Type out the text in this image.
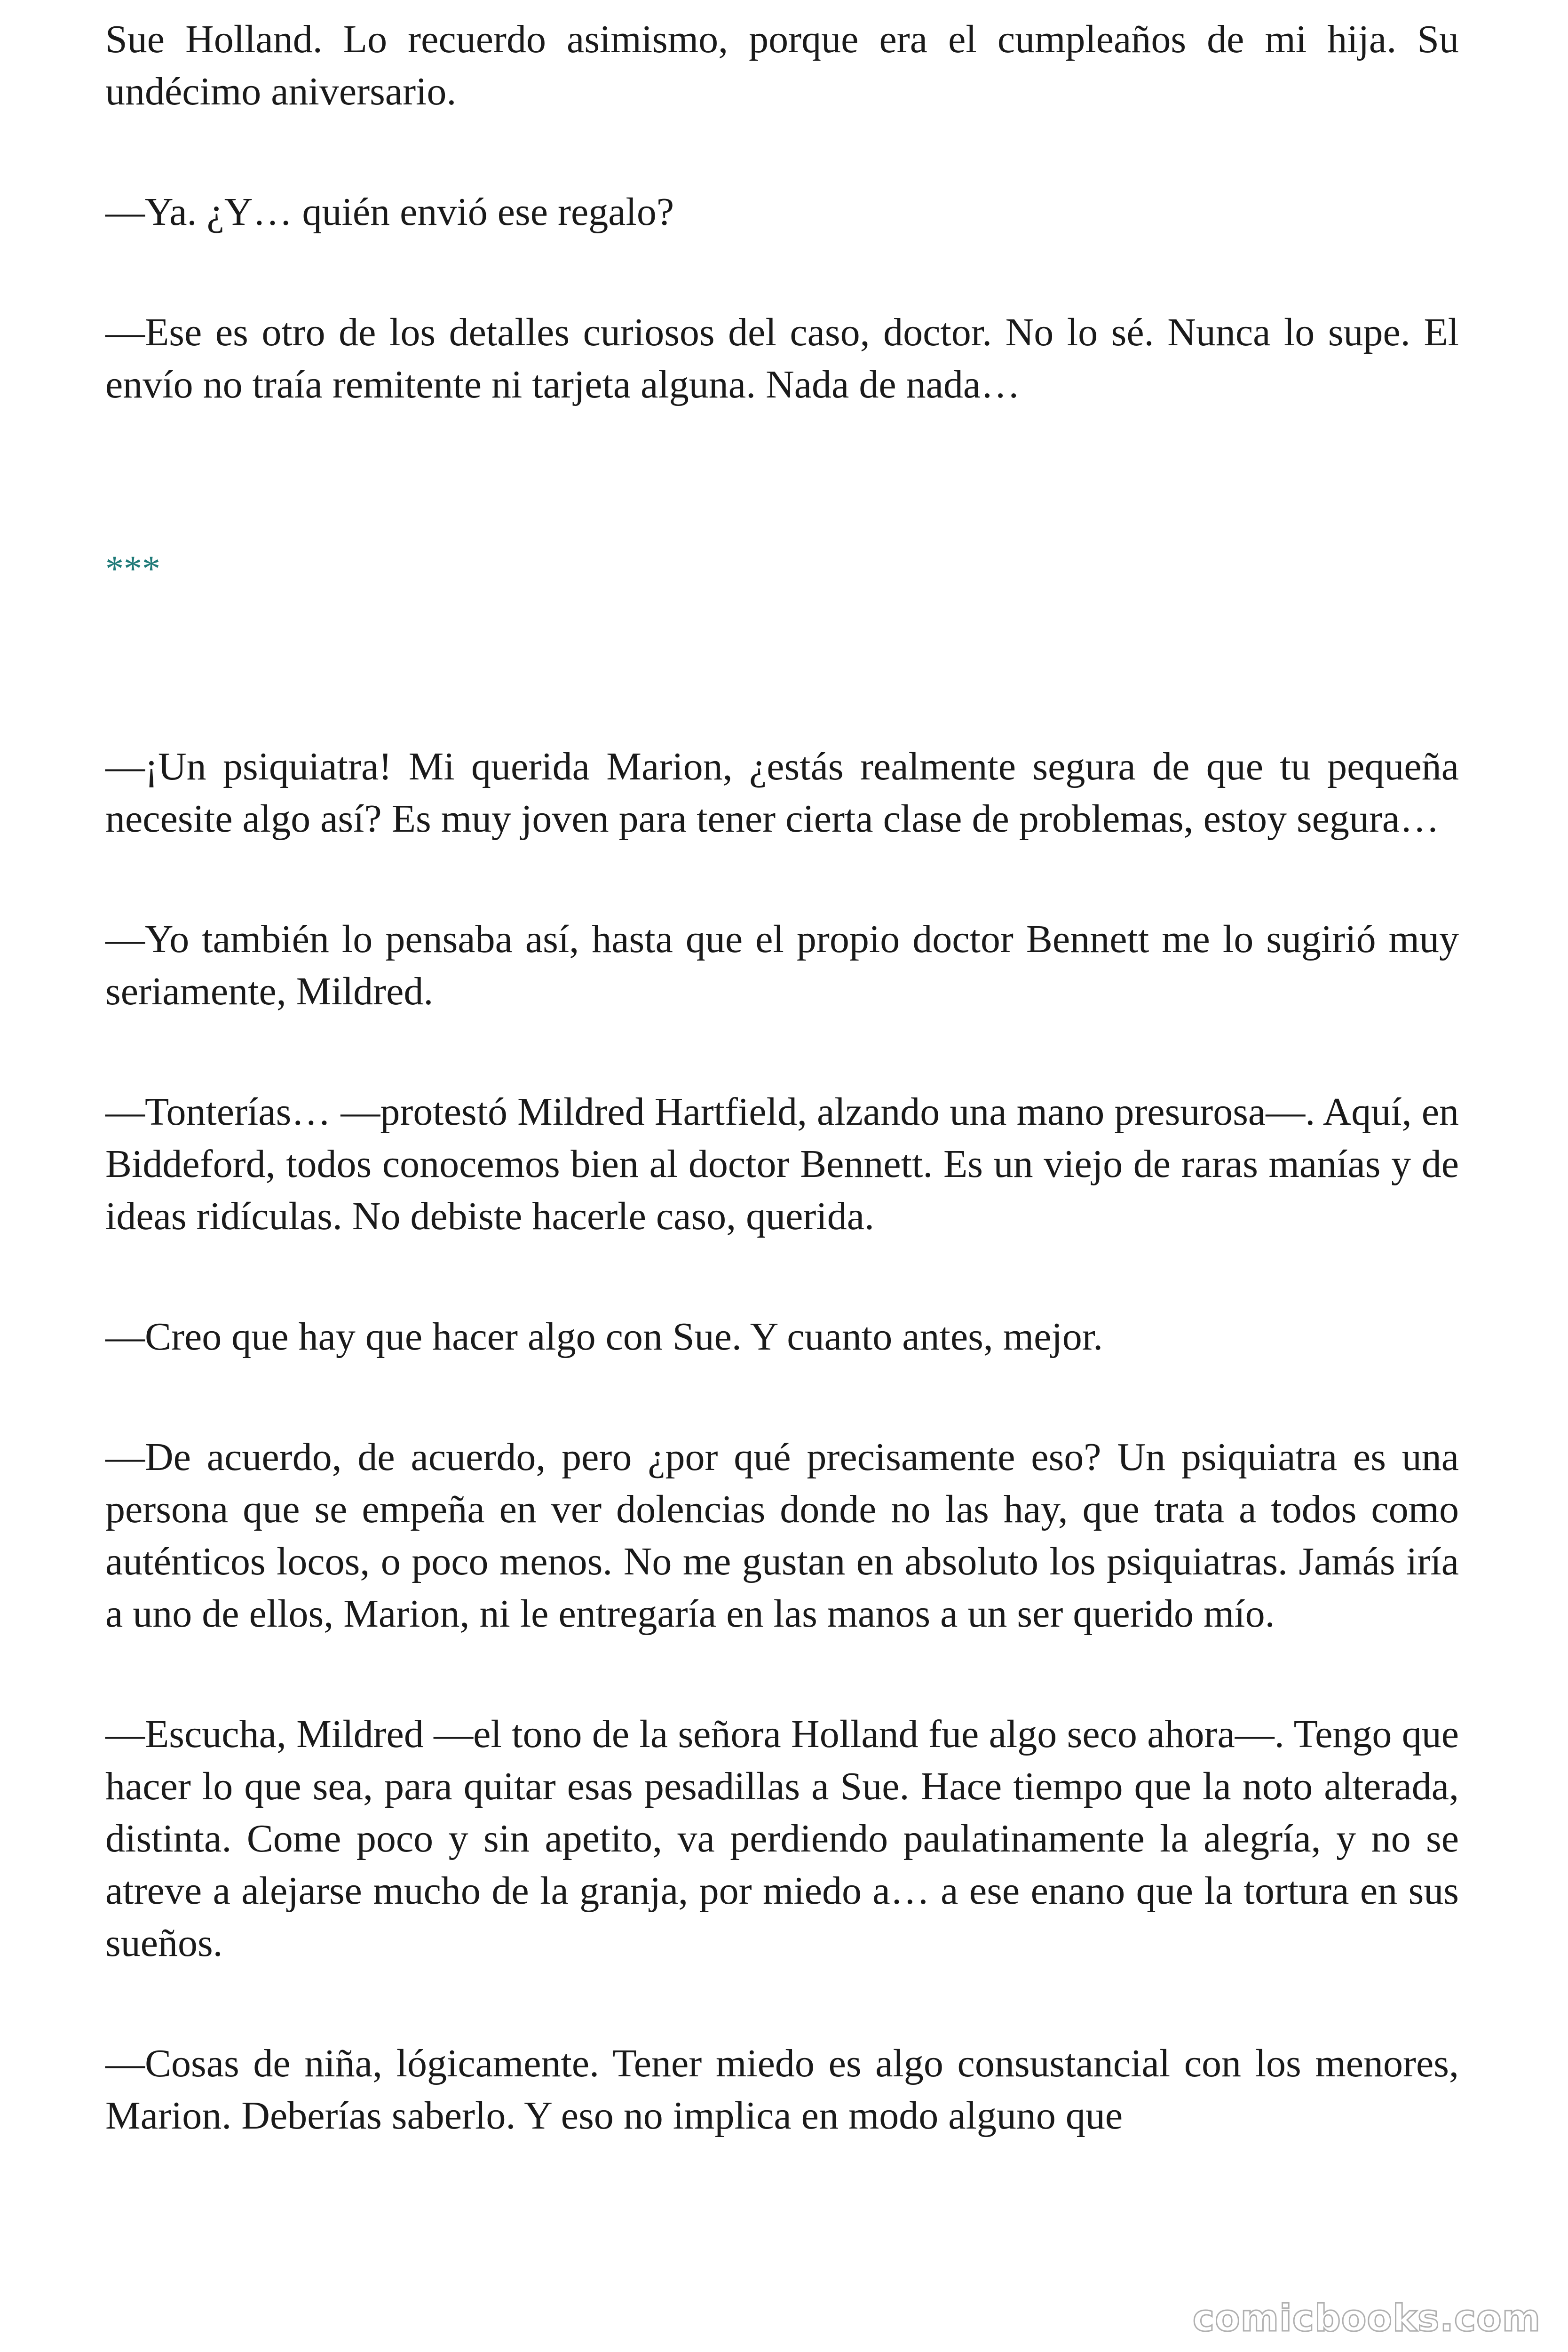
Sue Holland. Lo recuerdo asimismo, porque era el cumpleaños de mi hija. Su undécimo aniversario.

—Ya. ¿Y… quién envió ese regalo?

—Ese es otro de los detalles curiosos del caso, doctor. No lo sé. Nunca lo supe. El envío no traía remitente ni tarjeta alguna. Nada de nada…

***

—¡Un psiquiatra! Mi querida Marion, ¿estás realmente segura de que tu pequeña necesite algo así? Es muy joven para tener cierta clase de problemas, estoy segura…

—Yo también lo pensaba así, hasta que el propio doctor Bennett me lo sugirió muy seriamente, Mildred.

—Tonterías… —protestó Mildred Hartfield, alzando una mano presurosa—. Aquí, en Biddeford, todos conocemos bien al doctor Bennett. Es un viejo de raras manías y de ideas ridículas. No debiste hacerle caso, querida.

—Creo que hay que hacer algo con Sue. Y cuanto antes, mejor.

—De acuerdo, de acuerdo, pero ¿por qué precisamente eso? Un psiquiatra es una persona que se empeña en ver dolencias donde no las hay, que trata a todos como auténticos locos, o poco menos. No me gustan en absoluto los psiquiatras. Jamás iría a uno de ellos, Marion, ni le entregaría en las manos a un ser querido mío.

—Escucha, Mildred —el tono de la señora Holland fue algo seco ahora—. Tengo que hacer lo que sea, para quitar esas pesadillas a Sue. Hace tiempo que la noto alterada, distinta. Come poco y sin apetito, va perdiendo paulatinamente la alegría, y no se atreve a alejarse mucho de la granja, por miedo a… a ese enano que la tortura en sus sueños.

—Cosas de niña, lógicamente. Tener miedo es algo consustancial con los menores, Marion. Deberías saberlo. Y eso no implica en modo alguno que

comicbooks.com
